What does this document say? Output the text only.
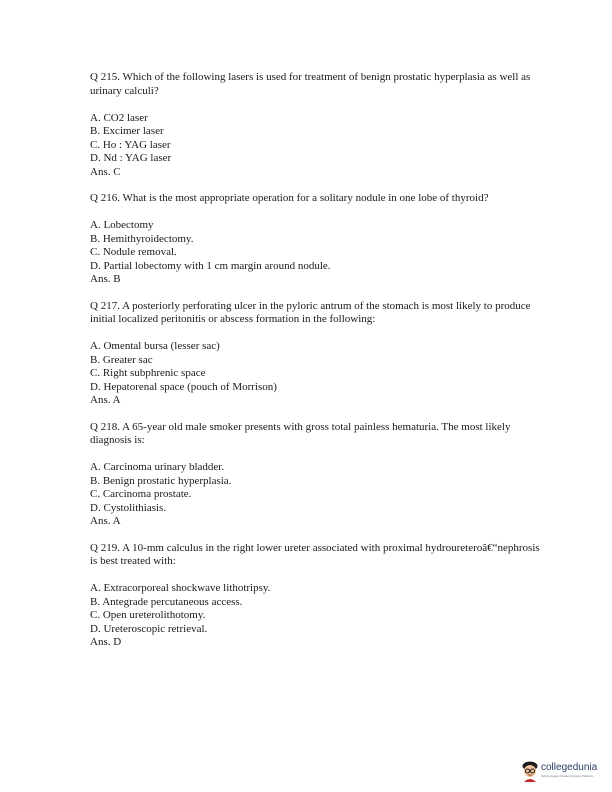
Q 215. Which of the following lasers is used for treatment of benign prostatic hyperplasia as well as urinary calculi?
A. CO2 laser
B. Excimer laser
C. Ho : YAG laser
D. Nd : YAG laser
Ans. C
Q 216. What is the most appropriate operation for a solitary nodule in one lobe of thyroid?
A. Lobectomy
B. Hemithyroidectomy.
C. Nodule removal.
D. Partial lobectomy with 1 cm margin around nodule.
Ans. B
Q 217. A posteriorly perforating ulcer in the pyloric antrum of the stomach is most likely to produce initial localized peritonitis or abscess formation in the following:
A. Omental bursa (lesser sac)
B. Greater sac
C. Right subphrenic space
D. Hepatorenal space (pouch of Morrison)
Ans. A
Q 218. A 65-year old male smoker presents with gross total painless hematuria. The most likely diagnosis is:
A. Carcinoma urinary bladder.
B. Benign prostatic hyperplasia.
C. Carcinoma prostate.
D. Cystolithiasis.
Ans. A
Q 219. A 10-mm calculus in the right lower ureter associated with proximal hydroureteroâ€“nephrosis is best treated with:
A. Extracorporeal shockwave lithotripsy.
B. Antegrade percutaneous access.
C. Open ureterolithotomy.
D. Ureteroscopic retrieval.
Ans. D
collegedunia
India's largest Student Review Platform
